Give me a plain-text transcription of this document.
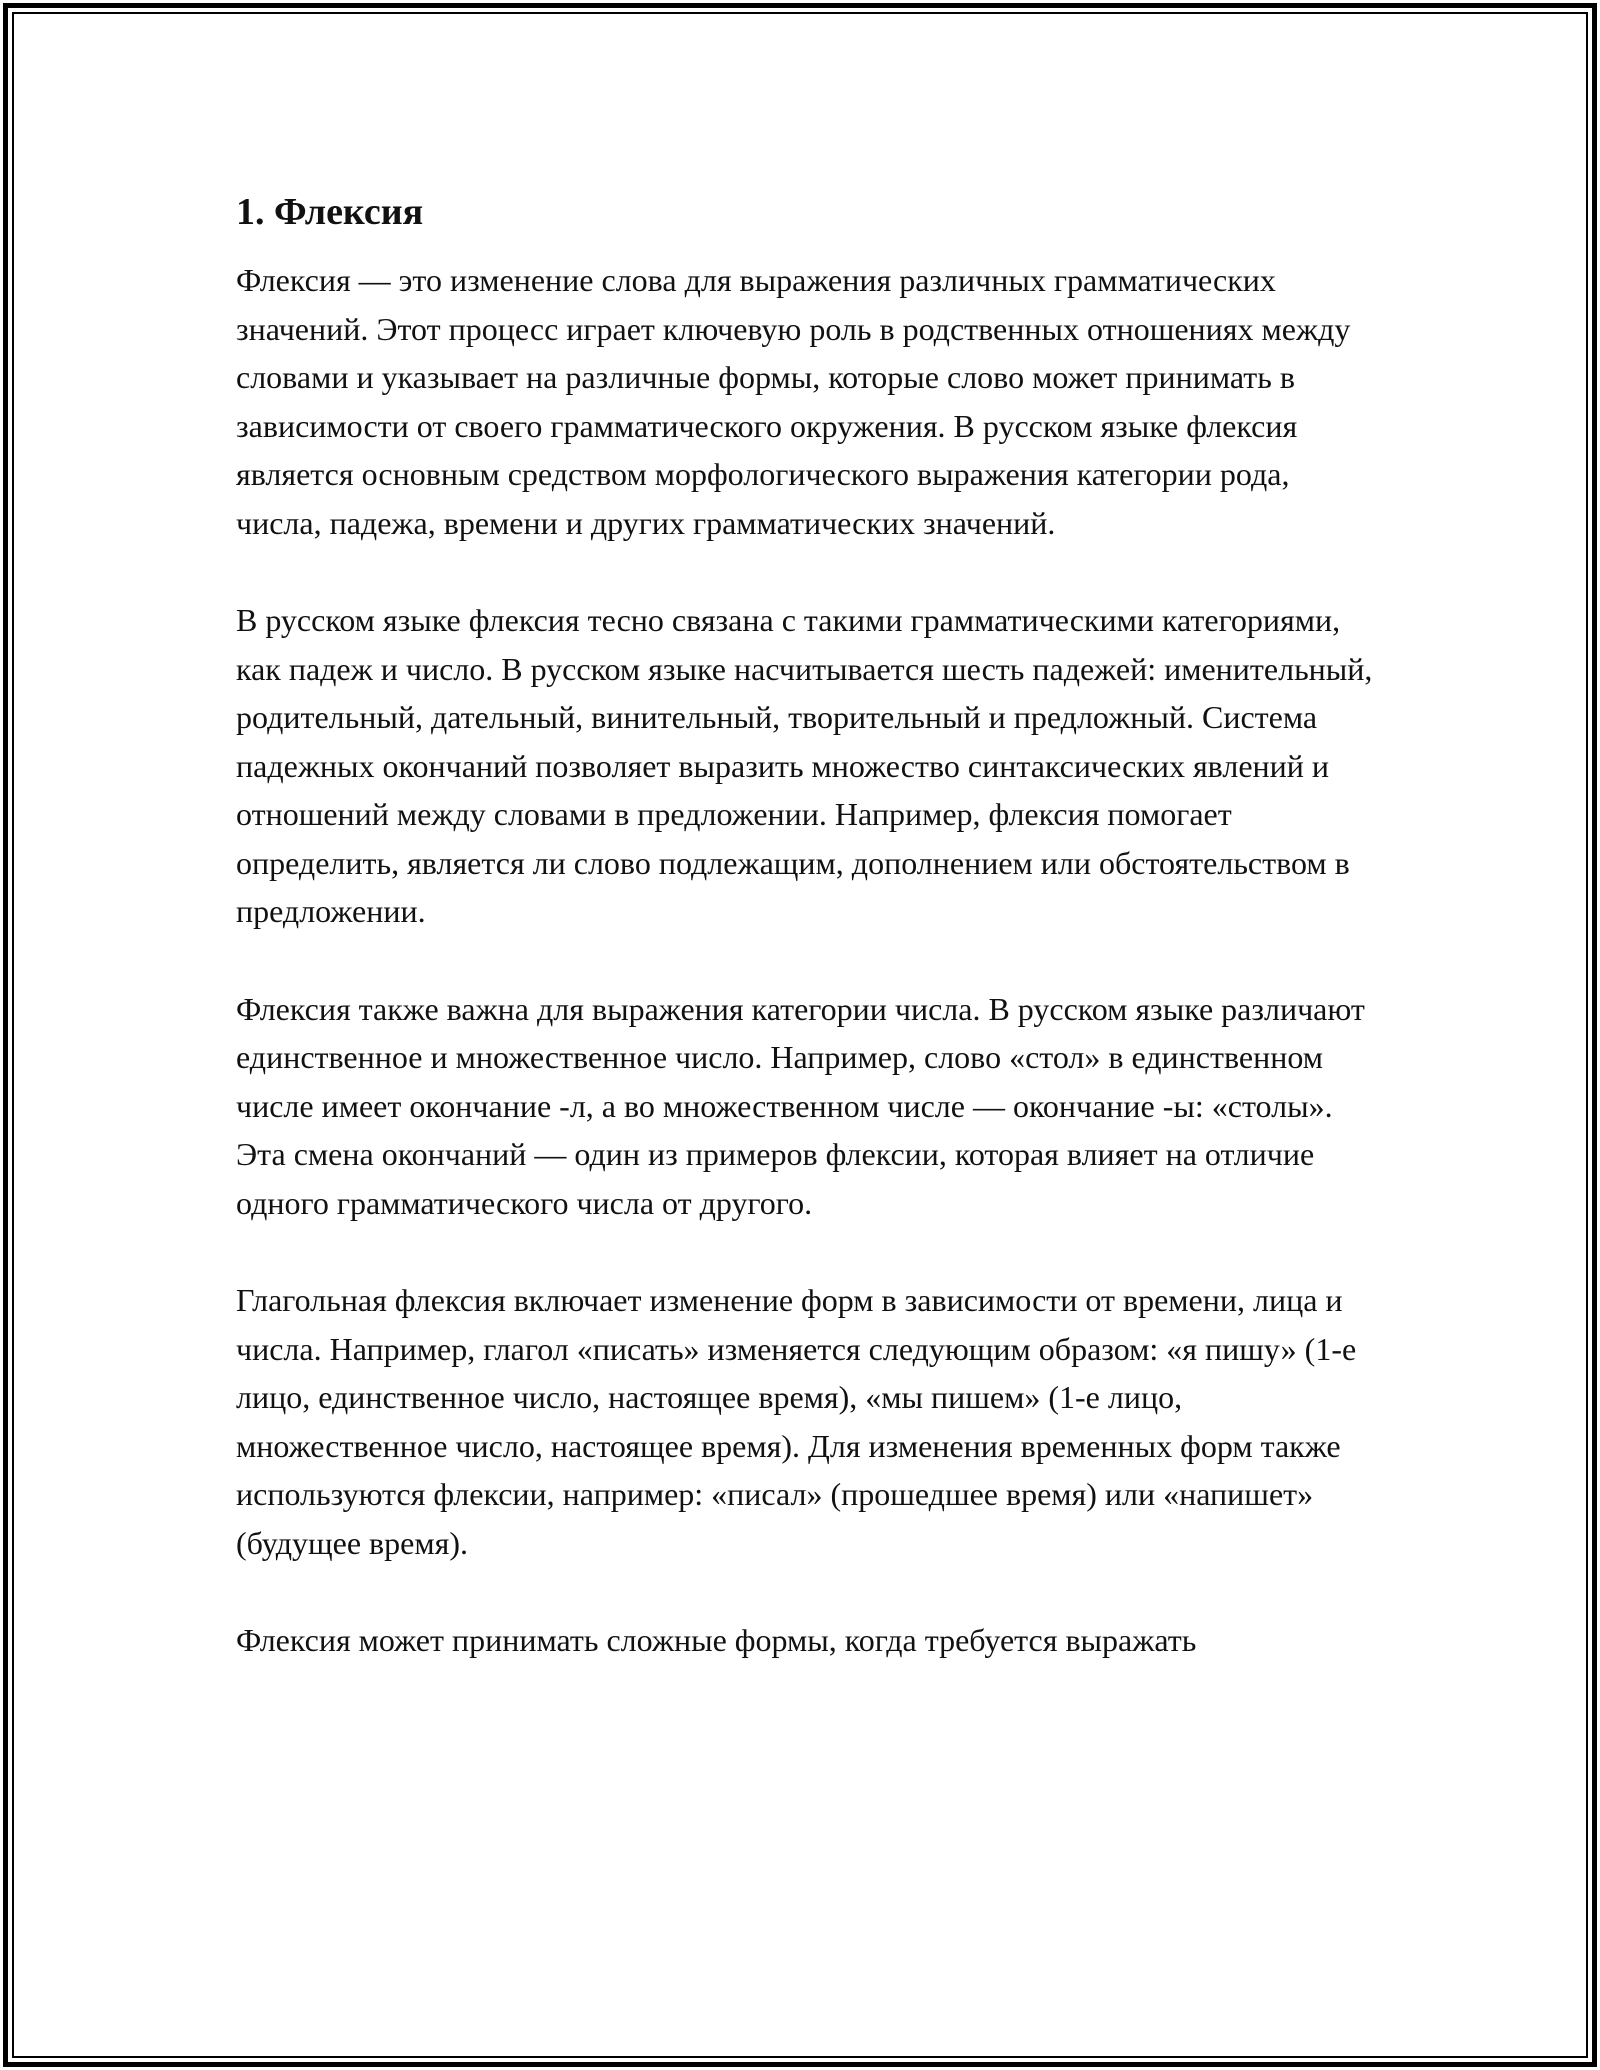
1. Флексия

Флексия — это изменение слова для выражения различных грамматических значений. Этот процесс играет ключевую роль в родственных отношениях между словами и указывает на различные формы, которые слово может принимать в зависимости от своего грамматического окружения. В русском языке флексия является основным средством морфологического выражения категории рода, числа, падежа, времени и других грамматических значений.

В русском языке флексия тесно связана с такими грамматическими категориями, как падеж и число. В русском языке насчитывается шесть падежей: именительный, родительный, дательный, винительный, творительный и предложный. Система падежных окончаний позволяет выразить множество синтаксических явлений и отношений между словами в предложении. Например, флексия помогает определить, является ли слово подлежащим, дополнением или обстоятельством в предложении.

Флексия также важна для выражения категории числа. В русском языке различают единственное и множественное число. Например, слово «стол» в единственном числе имеет окончание -л, а во множественном числе — окончание -ы: «столы». Эта смена окончаний — один из примеров флексии, которая влияет на отличие одного грамматического числа от другого.

Глагольная флексия включает изменение форм в зависимости от времени, лица и числа. Например, глагол «писать» изменяется следующим образом: «я пишу» (1-е лицо, единственное число, настоящее время), «мы пишем» (1-е лицо, множественное число, настоящее время). Для изменения временных форм также используются флексии, например: «писал» (прошедшее время) или «напишет» (будущее время).

Флексия может принимать сложные формы, когда требуется выражать
